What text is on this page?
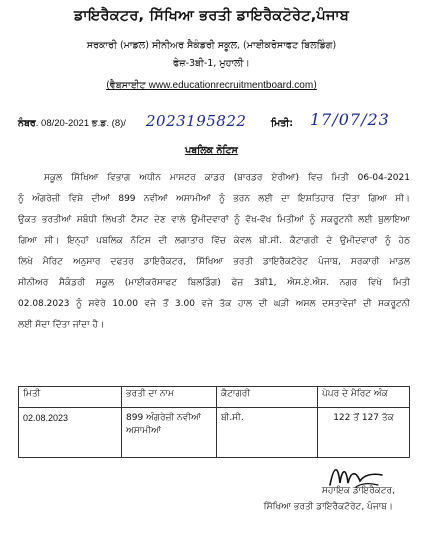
ਡਾਇਰੈਕਟਰ, ਸਿੱਖਿਆ ਭਰਤੀ ਡਾਇਰੈਕਟੋਰੇਟ,ਪੰਜਾਬ
ਸਰਕਾਰੀ (ਮਾਡਲ) ਸੀਨੀਅਰ ਸੈਕੰਡਰੀ ਸਕੂਲ, (ਮਾਈਕਰੋਸਾਫਟ ਬਿਲਡਿੰਗ)
ਫੇਜ਼-3ਬੀ-1, ਮੁਹਾਲੀ।
(ਵੈਬਸਾਈਟ www.educationrecruitmentboard.com)
ਨੰਬਰ. 08/20-2021 ਭ.ਡ. (8)/ 2023195822	ਮਿਤੀ: 17/07/23
ਪਬਲਿਕ ਨੋਟਿਸ
ਸਕੂਲ ਸਿੱਖਿਆ ਵਿਭਾਗ ਅਧੀਨ ਮਾਸਟਰ ਕਾਡਰ (ਬਾਰਡਰ ਏਰੀਆ) ਵਿਚ ਮਿਤੀ 06-04-2021
ਨੂੰ ਅੰਗਰੇਜ਼ੀ ਵਿਸ਼ੇ ਦੀਆਂ 899 ਨਵੀਆਂ ਅਸਾਮੀਆਂ ਨੂੰ ਭਰਨ ਲਈ ਦਾ ਇਸ਼ਤਿਹਾਰ ਦਿੱਤਾ ਗਿਆ ਸੀ।
ਉਕਤ ਭਰਤੀਆਂ ਸਬੰਧੀ ਲਿਖਤੀ ਟੈਸਟ ਦੇਣ ਵਾਲੇ ਉਮੀਦਵਾਰਾਂ ਨੂੰ ਵੱਖ-ਵੱਖ ਮਿਤੀਆਂ ਨੂੰ ਸਕਰੂਟਨੀ ਲਈ ਬੁਲਾਇਆ
ਗਿਆ ਸੀ। ਇਨ੍ਹਾਂ ਪਬਲਿਕ ਨੋਟਿਸ ਦੀ ਲਗਾਤਾਰ ਵਿੱਚ ਕੇਵਲ ਬੀ.ਸੀ. ਕੈਟਾਗਰੀ ਦੇ ਉਮੀਦਵਾਰਾਂ ਨੂੰ ਹੇਠ
ਲਿਖੇ ਮੈਰਿਟ ਅਨੁਸਾਰ ਦਫਤਰ ਡਾਇਰੈਕਟਰ, ਸਿੱਖਿਆ ਭਰਤੀ ਡਾਇਰੈਕਟੋਰੇਟ ਪੰਜਾਬ, ਸਰਕਾਰੀ ਮਾਡਲ
ਸੀਨੀਅਰ ਸੈਕੰਡਰੀ ਸਕੂਲ (ਮਾਈਕਰੋਸਾਫਟ ਬਿਲਡਿੰਗ) ਫੇਜ਼ 3ਬੀ1, ਐਸ.ਏ.ਐਸ. ਨਗਰ ਵਿਖੇ ਮਿਤੀ
02.08.2023 ਨੂੰ ਸਵੇਰੇ 10.00 ਵਜੇ ਤੋਂ 3.00 ਵਜੇ ਤੱਕ ਹਾਲ ਦੀ ਘੜੀ ਅਸਲ ਦਸਤਾਵੇਜਾਂ ਦੀ ਸਕਰੂਟਨੀ
ਲਈ ਸੱਦਾ ਦਿੱਤਾ ਜਾਂਦਾ ਹੈ।
ਮਿਤੀ	ਭਰਤੀ ਦਾ ਨਾਮ	ਕੈਟਾਗਰੀ	ਪੇਪਰ ਦੇ ਮੈਰਿਟ ਅੰਕ
02.08.2023	899 ਅੰਗਰੇਜ਼ੀ ਨਵੀਆਂ
ਅਸਾਮੀਆਂ	ਬੀ.ਸੀ.	122 ਤੋਂ 127 ਤੱਕ
ਸਹਾਇਕ ਡਾਇਰੈਕਟਰ,
ਸਿੱਖਿਆ ਭਰਤੀ ਡਾਇਰੈਕਟੋਰੇਟ, ਪੰਜਾਬ।
